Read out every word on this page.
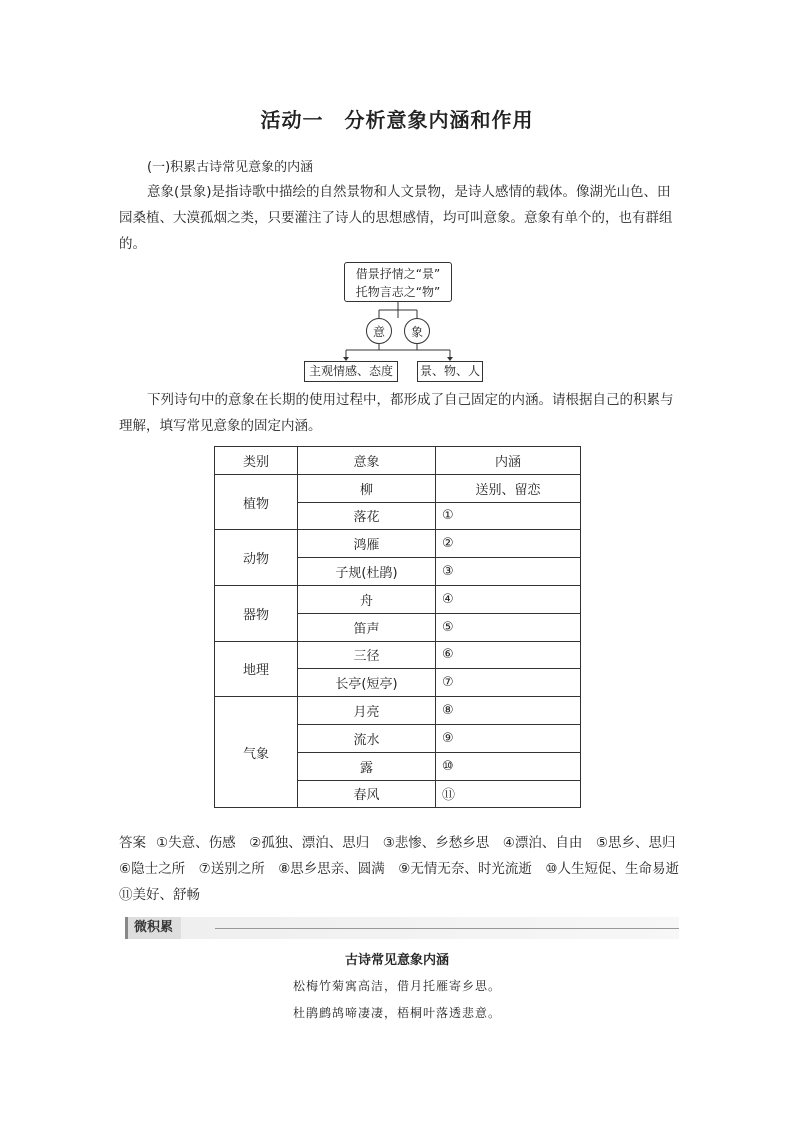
活动一　分析意象内涵和作用
(一)积累古诗常见意象的内涵
意象(景象)是指诗歌中描绘的自然景物和人文景物，是诗人感情的载体。像湖光山色、田园桑植、大漠孤烟之类，只要灌注了诗人的思想感情，均可叫意象。意象有单个的，也有群组的。
借景抒情之“景”
托物言志之“物”
意	象
主观情感、态度	景、物、人
下列诗句中的意象在长期的使用过程中，都形成了自己固定的内涵。请根据自己的积累与理解，填写常见意象的固定内涵。
类别	意象	内涵
植物	柳	送别、留恋
	落花	①
动物	鸿雁	②
	子规(杜鹃)	③
器物	舟	④
	笛声	⑤
地理	三径	⑥
	长亭(短亭)	⑦
气象	月亮	⑧
	流水	⑨
	露	⑩
	春风	⑪
答案 ①失意、伤感　②孤独、漂泊、思归　③悲惨、乡愁乡思　④漂泊、自由　⑤思乡、思归　⑥隐士之所　⑦送别之所　⑧思乡思亲、圆满　⑨无情无奈、时光流逝　⑩人生短促、生命易逝　⑪美好、舒畅
微积累
古诗常见意象内涵
松梅竹菊寓高洁，借月托雁寄乡思。
杜鹃鹧鸪啼凄凄，梧桐叶落透悲意。
